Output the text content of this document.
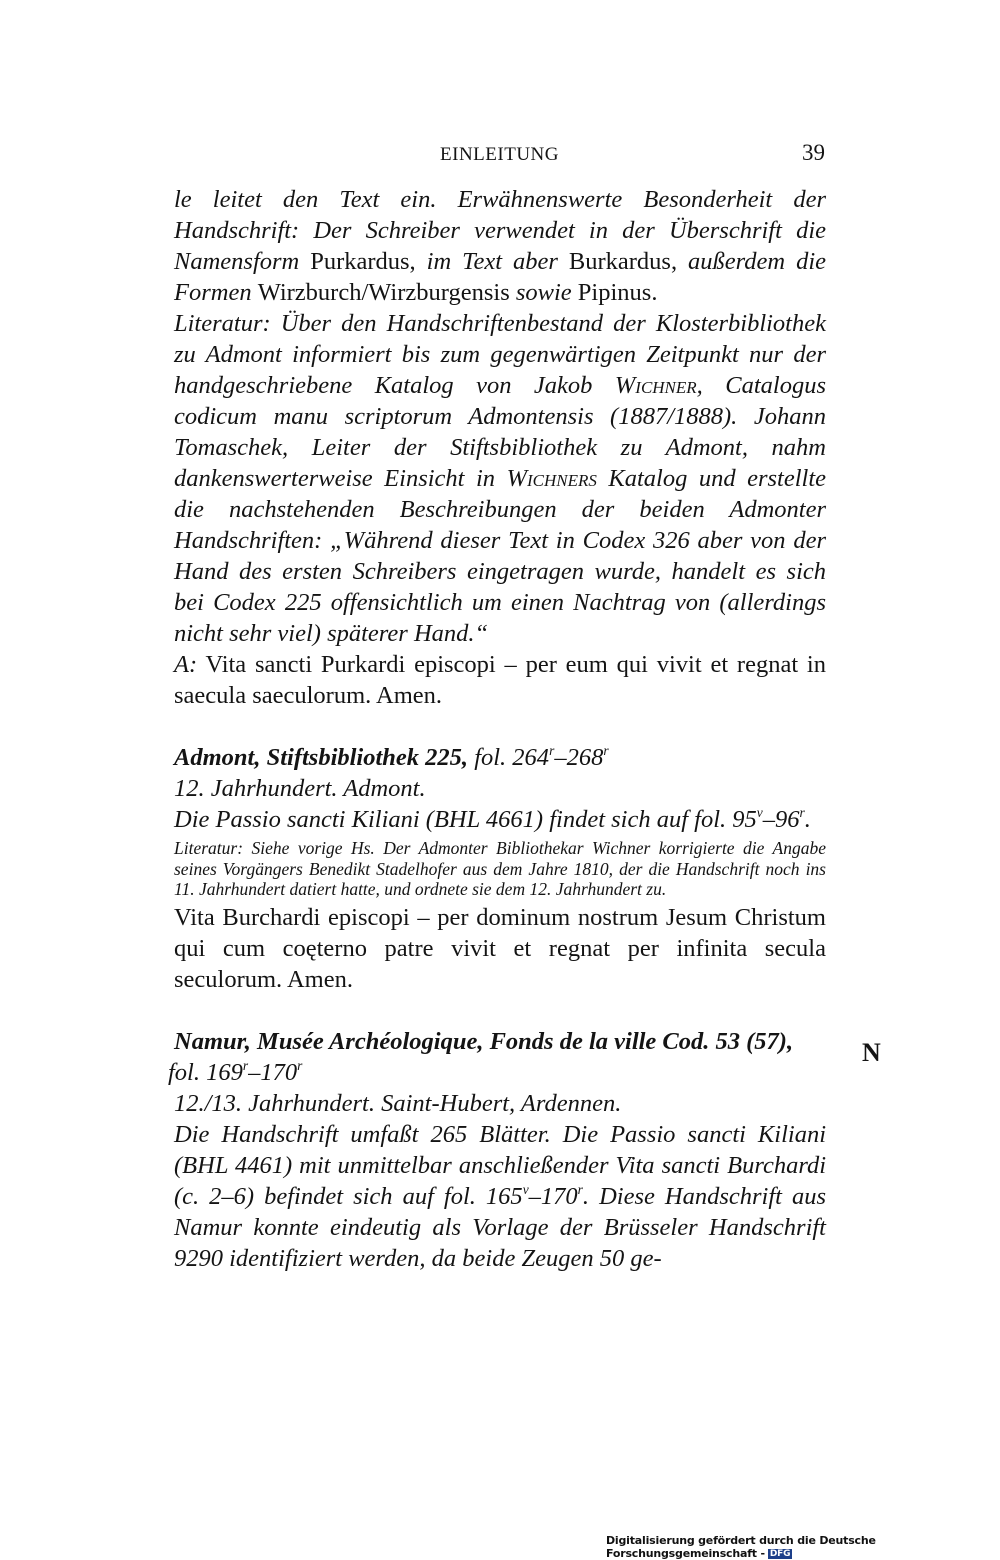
EINLEITUNG	39
le leitet den Text ein. Erwähnenswerte Besonderheit der Handschrift: Der Schreiber verwendet in der Überschrift die Namensform Purkardus, im Text aber Burkardus, außerdem die Formen Wirzburch/Wirzburgensis sowie Pipinus.
Literatur: Über den Handschriftenbestand der Klosterbibliothek zu Admont informiert bis zum gegenwärtigen Zeitpunkt nur der handgeschriebene Katalog von Jakob Wichner, Catalogus codicum manu scriptorum Admontensis (1887/1888). Johann Tomaschek, Leiter der Stiftsbibliothek zu Admont, nahm dankenswerterweise Einsicht in Wichners Katalog und erstellte die nachstehenden Beschreibungen der beiden Admonter Handschriften: „Während dieser Text in Codex 326 aber von der Hand des ersten Schreibers eingetragen wurde, handelt es sich bei Codex 225 offensichtlich um einen Nachtrag von (allerdings nicht sehr viel) späterer Hand.“
A: Vita sancti Purkardi episcopi – per eum qui vivit et regnat in saecula saeculorum. Amen.
Admont, Stiftsbibliothek 225, fol. 264$^r$–268$^r$
12. Jahrhundert. Admont.
Die Passio sancti Kiliani (BHL 4661) findet sich auf fol. 95$^v$–96$^r$.
Literatur: Siehe vorige Hs. Der Admonter Bibliothekar Wichner korrigierte die Angabe seines Vorgängers Benedikt Stadelhofer aus dem Jahre 1810, der die Handschrift noch ins 11. Jahrhundert datiert hatte, und ordnete sie dem 12. Jahrhundert zu.
Vita Burchardi episcopi – per dominum nostrum Jesum Christum qui cum coęterno patre vivit et regnat per infinita secula seculorum. Amen.
Namur, Musée Archéologique, Fonds de la ville Cod. 53 (57),
fol. 169$^r$–170$^r$
12./13. Jahrhundert. Saint-Hubert, Ardennen.
Die Handschrift umfaßt 265 Blätter. Die Passio sancti Kiliani (BHL 4461) mit unmittelbar anschließender Vita sancti Burchardi (c. 2–6) befindet sich auf fol. 165$^v$–170$^r$. Diese Handschrift aus Namur konnte eindeutig als Vorlage der Brüsseler Handschrift 9290 identifiziert werden, da beide Zeugen 50 ge-
N
Digitalisierung gefördert durch die Deutsche Forschungsgemeinschaft - DFG
